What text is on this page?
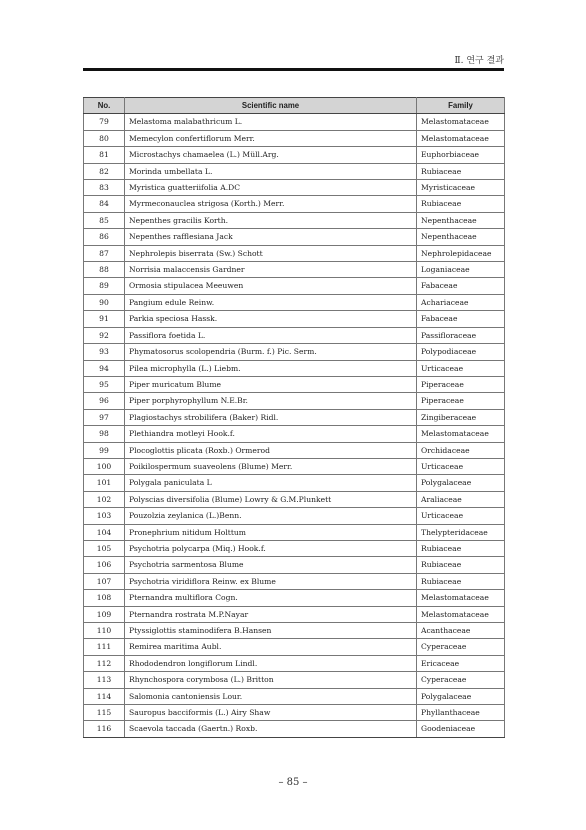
Ⅱ. 연구 결과
No.	Scientific name	Family
79	Melastoma malabathricum L.	Melastomataceae
80	Memecylon confertiflorum Merr.	Melastomataceae
81	Microstachys chamaelea (L.) Müll.Arg.	Euphorbiaceae
82	Morinda umbellata L.	Rubiaceae
83	Myristica guatteriifolia A.DC	Myristicaceae
84	Myrmeconauclea strigosa (Korth.) Merr.	Rubiaceae
85	Nepenthes gracilis Korth.	Nepenthaceae
86	Nepenthes rafflesiana Jack	Nepenthaceae
87	Nephrolepis biserrata (Sw.) Schott	Nephrolepidaceae
88	Norrisia malaccensis Gardner	Loganiaceae
89	Ormosia stipulacea Meeuwen	Fabaceae
90	Pangium edule Reinw.	Achariaceae
91	Parkia speciosa Hassk.	Fabaceae
92	Passiflora foetida L.	Passifloraceae
93	Phymatosorus scolopendria (Burm. f.) Pic. Serm.	Polypodiaceae
94	Pilea microphylla (L.) Liebm.	Urticaceae
95	Piper muricatum Blume	Piperaceae
96	Piper porphyrophyllum N.E.Br.	Piperaceae
97	Plagiostachys strobilifera (Baker) Ridl.	Zingiberaceae
98	Plethiandra motleyi Hook.f.	Melastomataceae
99	Plocoglottis plicata (Roxb.) Ormerod	Orchidaceae
100	Poikilospermum suaveolens (Blume) Merr.	Urticaceae
101	Polygala paniculata L	Polygalaceae
102	Polyscias diversifolia (Blume) Lowry & G.M.Plunkett	Araliaceae
103	Pouzolzia zeylanica (L.)Benn.	Urticaceae
104	Pronephrium nitidum Holttum	Thelypteridaceae
105	Psychotria polycarpa (Miq.) Hook.f.	Rubiaceae
106	Psychotria sarmentosa Blume	Rubiaceae
107	Psychotria viridiflora Reinw. ex Blume	Rubiaceae
108	Pternandra multiflora Cogn.	Melastomataceae
109	Pternandra rostrata M.P.Nayar	Melastomataceae
110	Ptyssiglottis staminodifera B.Hansen	Acanthaceae
111	Remirea maritima Aubl.	Cyperaceae
112	Rhododendron longiflorum Lindl.	Ericaceae
113	Rhynchospora corymbosa (L.) Britton	Cyperaceae
114	Salomonia cantoniensis Lour.	Polygalaceae
115	Sauropus bacciformis (L.) Airy Shaw	Phyllanthaceae
116	Scaevola taccada (Gaertn.) Roxb.	Goodeniaceae
– 85 –
